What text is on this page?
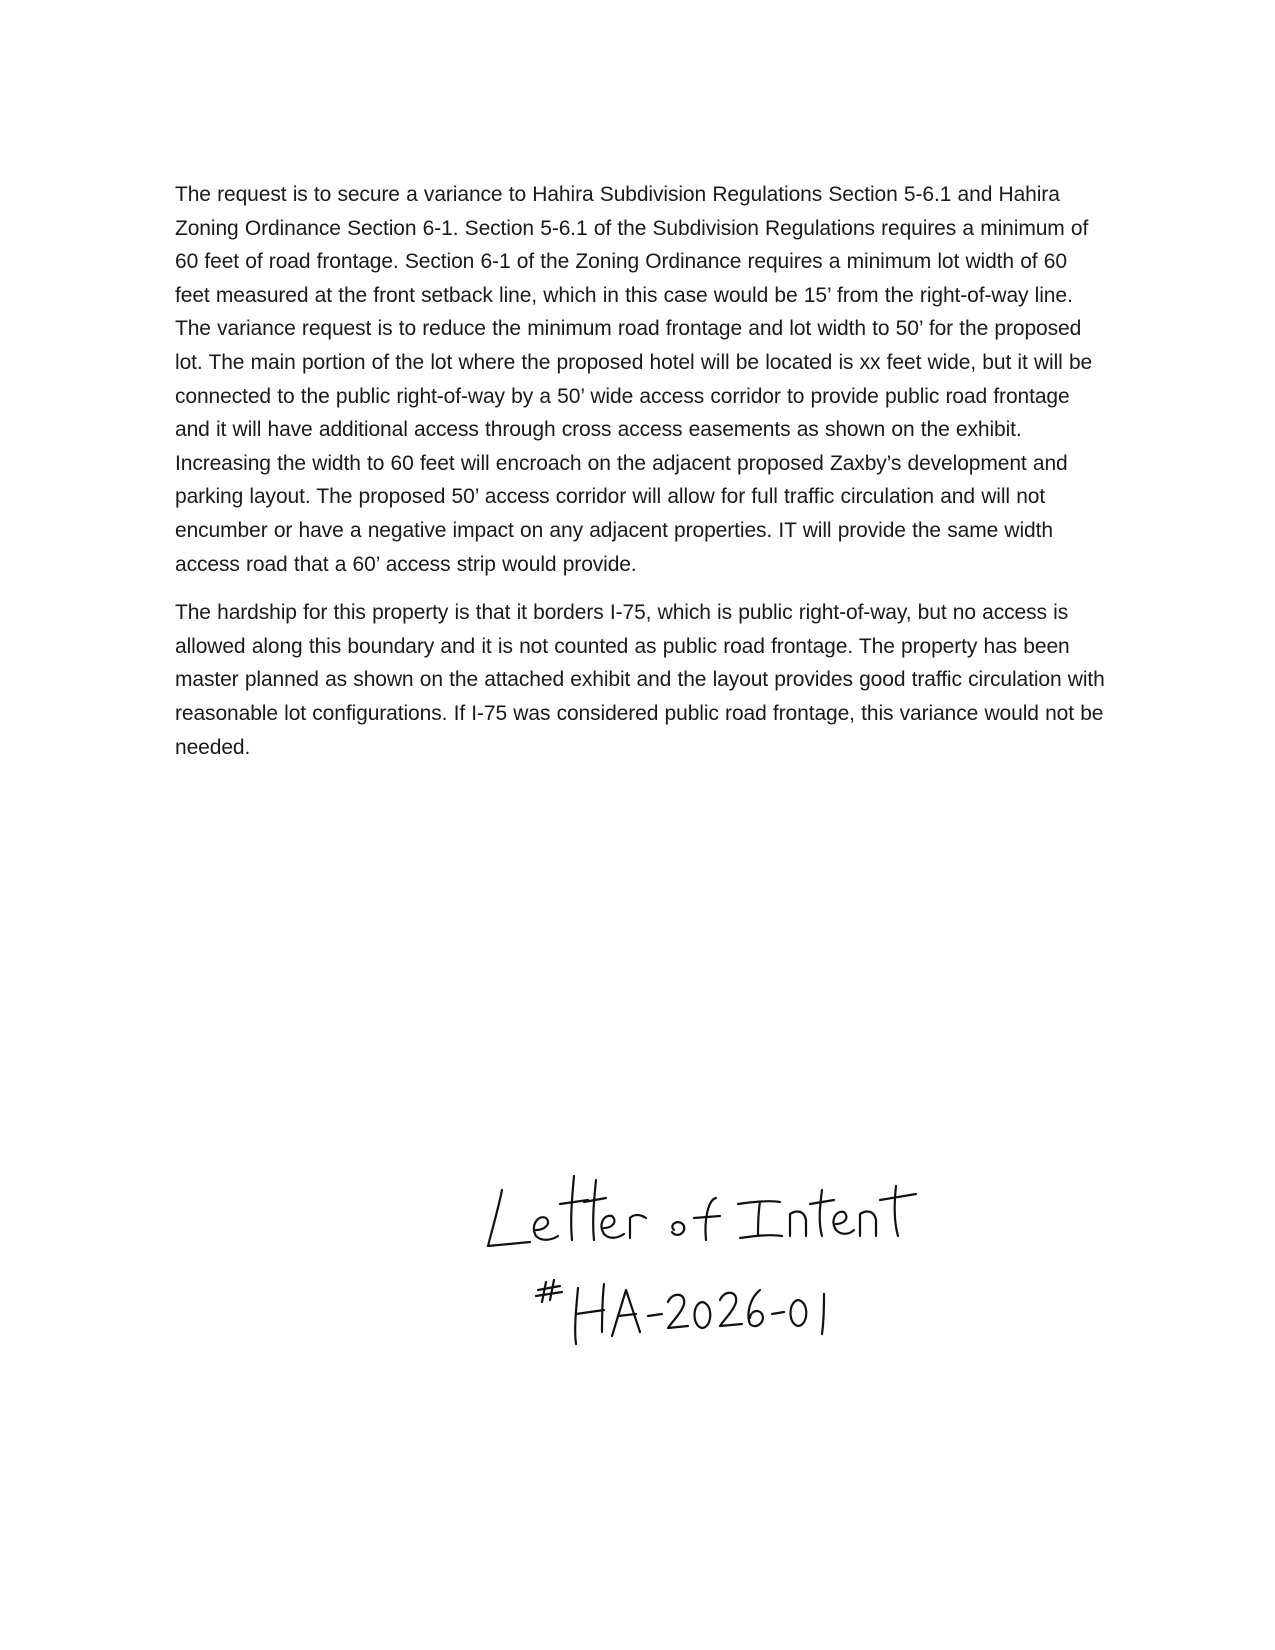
The request is to secure a variance to Hahira Subdivision Regulations Section 5-6.1 and Hahira Zoning Ordinance Section 6-1. Section 5-6.1 of the Subdivision Regulations requires a minimum of 60 feet of road frontage. Section 6-1 of the Zoning Ordinance requires a minimum lot width of 60 feet measured at the front setback line, which in this case would be 15’ from the right-of-way line. The variance request is to reduce the minimum road frontage and lot width to 50’ for the proposed lot. The main portion of the lot where the proposed hotel will be located is xx feet wide, but it will be connected to the public right-of-way by a 50’ wide access corridor to provide public road frontage and it will have additional access through cross access easements as shown on the exhibit. Increasing the width to 60 feet will encroach on the adjacent proposed Zaxby’s development and parking layout. The proposed 50’ access corridor will allow for full traffic circulation and will not encumber or have a negative impact on any adjacent properties. IT will provide the same width access road that a 60’ access strip would provide.

The hardship for this property is that it borders I-75, which is public right-of-way, but no access is allowed along this boundary and it is not counted as public road frontage. The property has been master planned as shown on the attached exhibit and the layout provides good traffic circulation with reasonable lot configurations. If I-75 was considered public road frontage, this variance would not be needed.
